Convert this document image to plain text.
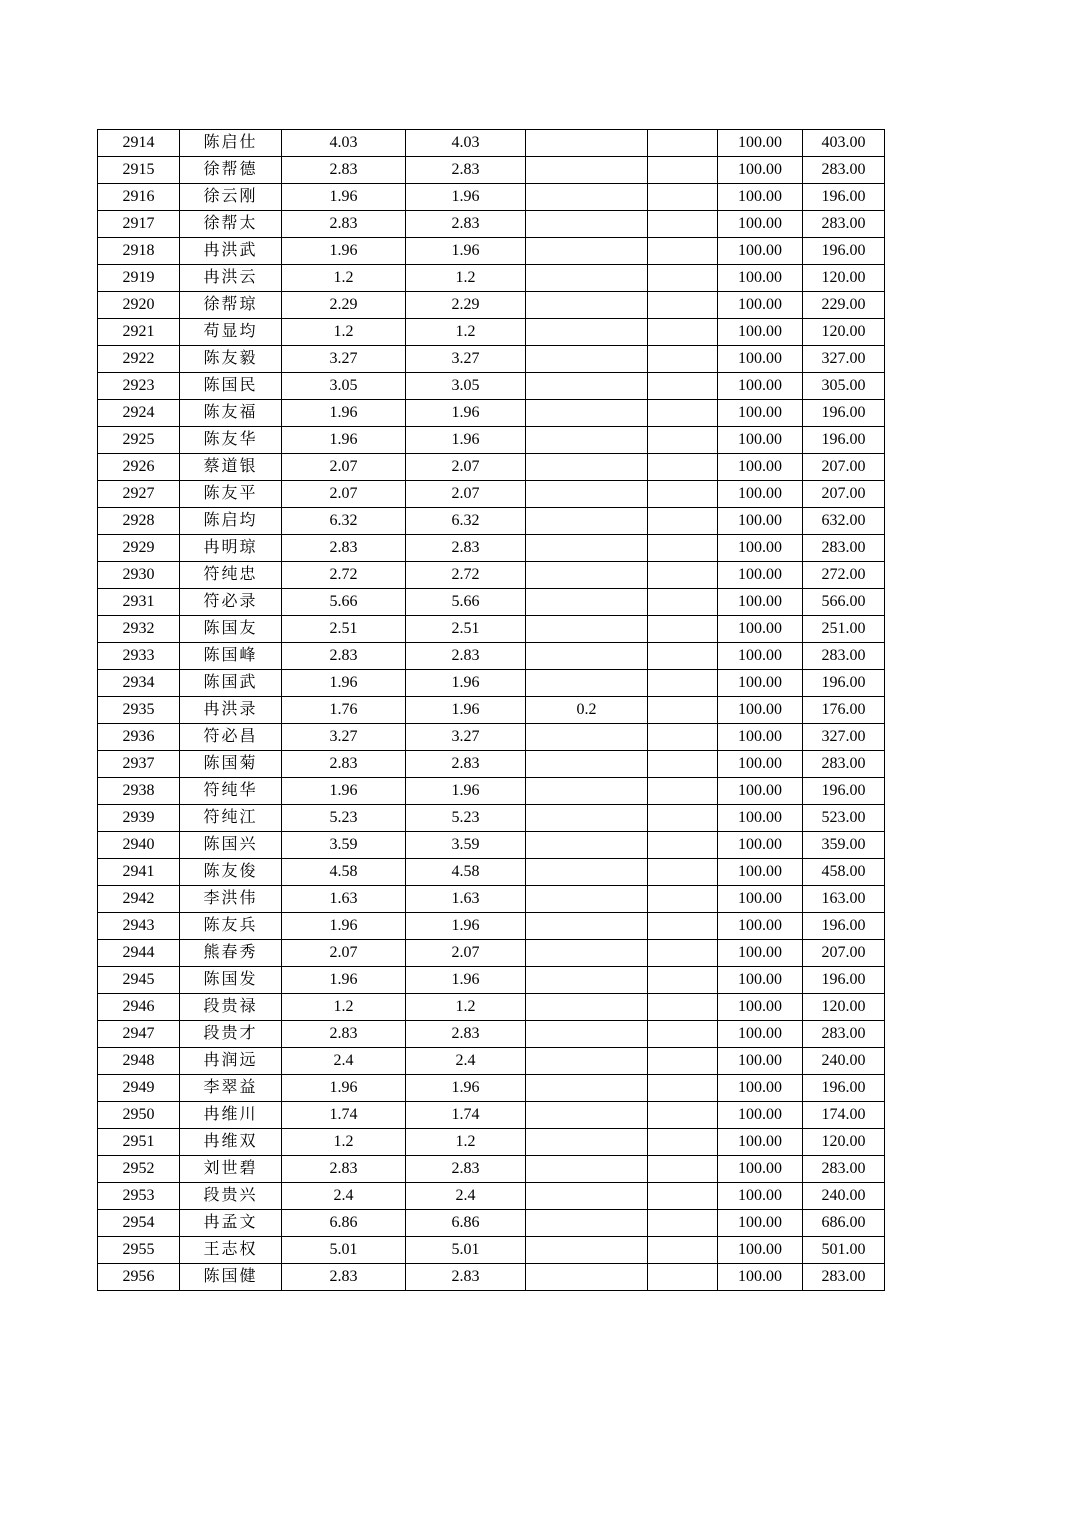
2914	陈启仕	4.03	4.03			100.00	403.00
2915	徐帮德	2.83	2.83			100.00	283.00
2916	徐云刚	1.96	1.96			100.00	196.00
2917	徐帮太	2.83	2.83			100.00	283.00
2918	冉洪武	1.96	1.96			100.00	196.00
2919	冉洪云	1.2	1.2			100.00	120.00
2920	徐帮琼	2.29	2.29			100.00	229.00
2921	苟显均	1.2	1.2			100.00	120.00
2922	陈友毅	3.27	3.27			100.00	327.00
2923	陈国民	3.05	3.05			100.00	305.00
2924	陈友福	1.96	1.96			100.00	196.00
2925	陈友华	1.96	1.96			100.00	196.00
2926	蔡道银	2.07	2.07			100.00	207.00
2927	陈友平	2.07	2.07			100.00	207.00
2928	陈启均	6.32	6.32			100.00	632.00
2929	冉明琼	2.83	2.83			100.00	283.00
2930	符纯忠	2.72	2.72			100.00	272.00
2931	符必录	5.66	5.66			100.00	566.00
2932	陈国友	2.51	2.51			100.00	251.00
2933	陈国峰	2.83	2.83			100.00	283.00
2934	陈国武	1.96	1.96			100.00	196.00
2935	冉洪录	1.76	1.96	0.2		100.00	176.00
2936	符必昌	3.27	3.27			100.00	327.00
2937	陈国菊	2.83	2.83			100.00	283.00
2938	符纯华	1.96	1.96			100.00	196.00
2939	符纯江	5.23	5.23			100.00	523.00
2940	陈国兴	3.59	3.59			100.00	359.00
2941	陈友俊	4.58	4.58			100.00	458.00
2942	李洪伟	1.63	1.63			100.00	163.00
2943	陈友兵	1.96	1.96			100.00	196.00
2944	熊春秀	2.07	2.07			100.00	207.00
2945	陈国发	1.96	1.96			100.00	196.00
2946	段贵禄	1.2	1.2			100.00	120.00
2947	段贵才	2.83	2.83			100.00	283.00
2948	冉润远	2.4	2.4			100.00	240.00
2949	李翠益	1.96	1.96			100.00	196.00
2950	冉维川	1.74	1.74			100.00	174.00
2951	冉维双	1.2	1.2			100.00	120.00
2952	刘世碧	2.83	2.83			100.00	283.00
2953	段贵兴	2.4	2.4			100.00	240.00
2954	冉孟文	6.86	6.86			100.00	686.00
2955	王志权	5.01	5.01			100.00	501.00
2956	陈国健	2.83	2.83			100.00	283.00
